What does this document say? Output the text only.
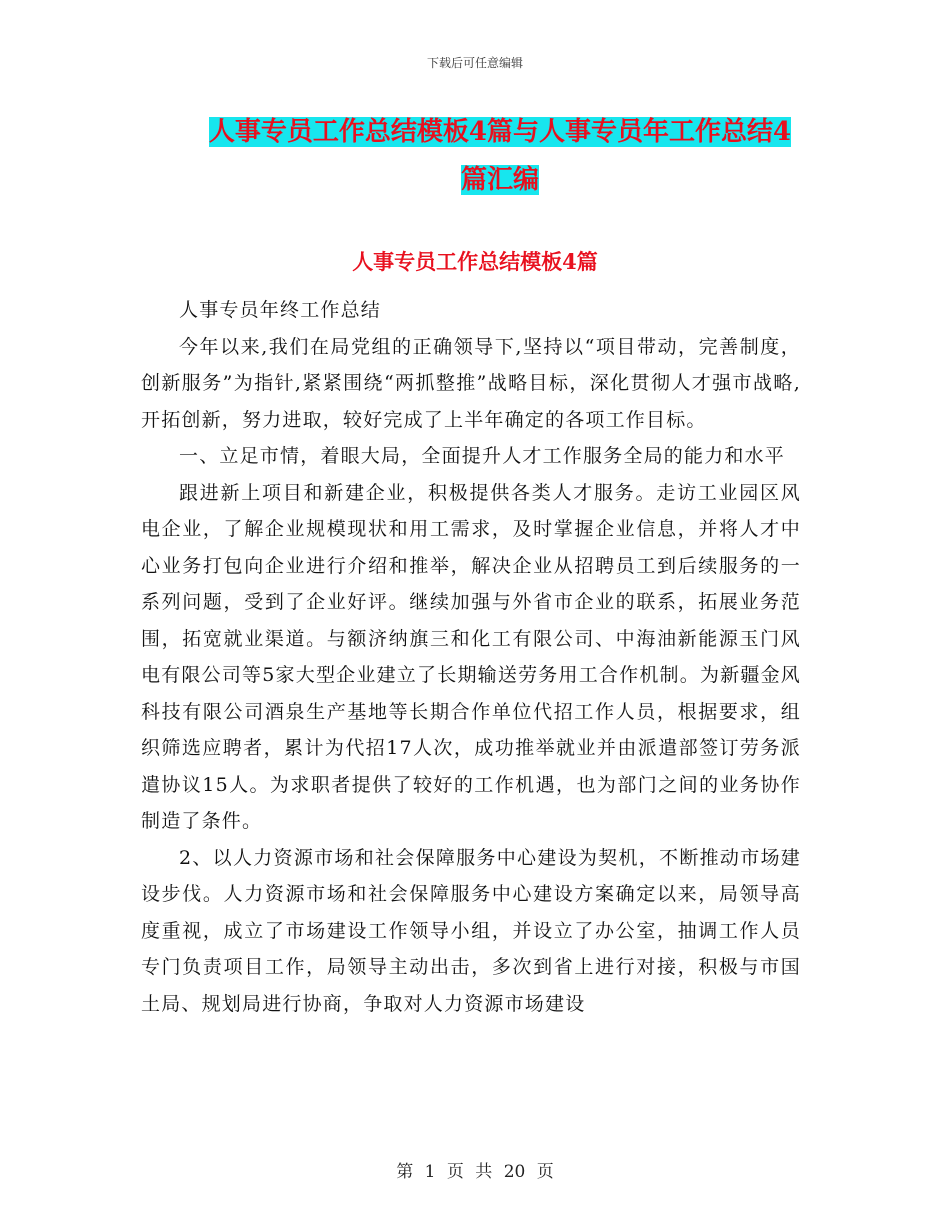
下载后可任意编辑
人事专员工作总结模板4篇与人事专员年工作总结4
篇汇编
人事专员工作总结模板4篇

人事专员年终工作总结

今年以来,我们在局党组的正确领导下,坚持以“项目带动，完善制度，创新服务”为指针,紧紧围绕“两抓整推”战略目标，深化贯彻人才强市战略,开拓创新，努力进取，较好完成了上半年确定的各项工作目标。

一、立足市情，着眼大局，全面提升人才工作服务全局的能力和水平

跟进新上项目和新建企业，积极提供各类人才服务。走访工业园区风电企业，了解企业规模现状和用工需求，及时掌握企业信息，并将人才中心业务打包向企业进行介绍和推举，解决企业从招聘员工到后续服务的一系列问题，受到了企业好评。继续加强与外省市企业的联系，拓展业务范围，拓宽就业渠道。与额济纳旗三和化工有限公司、中海油新能源玉门风电有限公司等5家大型企业建立了长期输送劳务用工合作机制。为新疆金风科技有限公司酒泉生产基地等长期合作单位代招工作人员，根据要求，组织筛选应聘者，累计为代招17人次，成功推举就业并由派遣部签订劳务派遣协议15人。为求职者提供了较好的工作机遇，也为部门之间的业务协作制造了条件。

2、以人力资源市场和社会保障服务中心建设为契机，不断推动市场建设步伐。人力资源市场和社会保障服务中心建设方案确定以来，局领导高度重视，成立了市场建设工作领导小组，并设立了办公室，抽调工作人员专门负责项目工作，局领导主动出击，多次到省上进行对接，积极与市国土局、规划局进行协商，争取对人力资源市场建设

第 1 页 共 20 页
